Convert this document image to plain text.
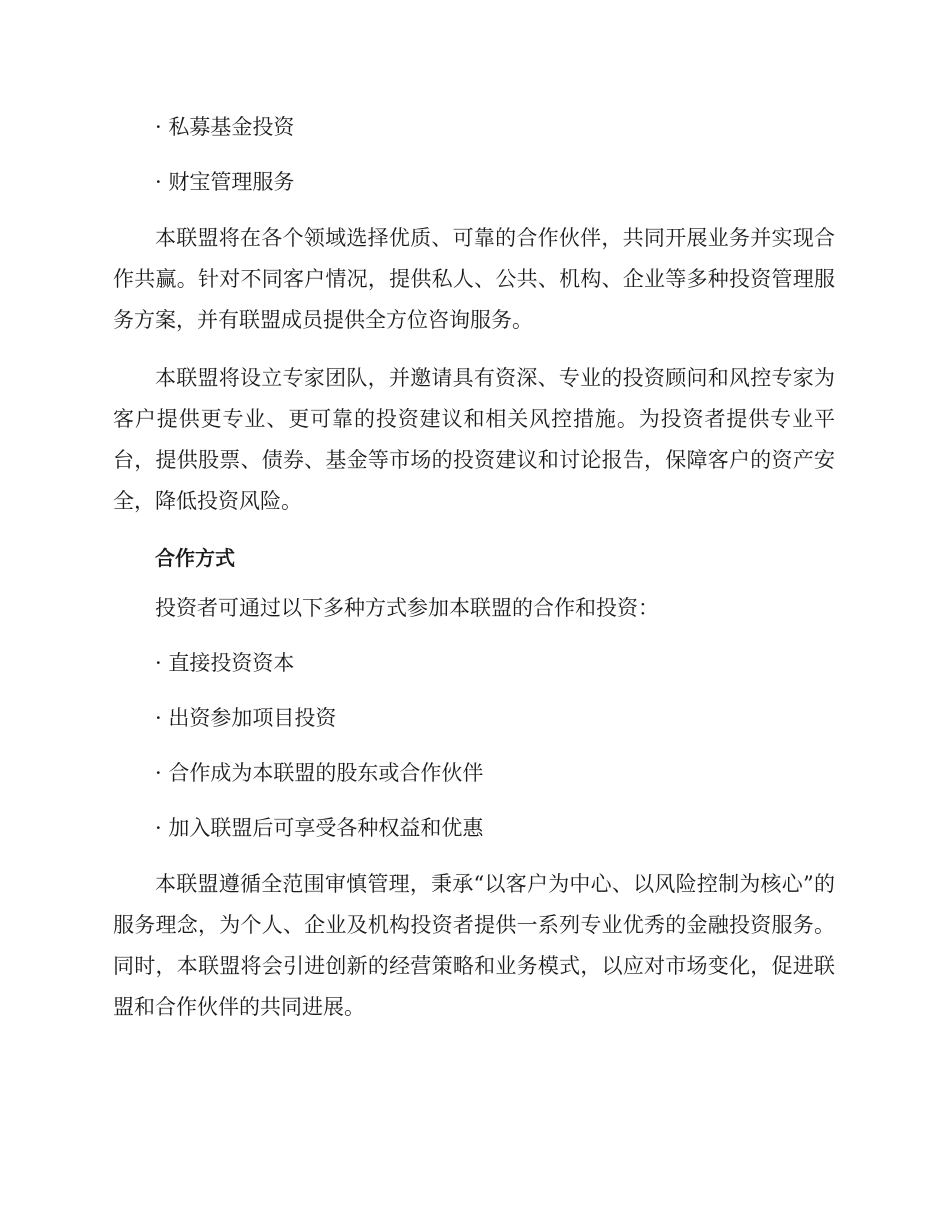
· 私募基金投资
· 财宝管理服务

本联盟将在各个领域选择优质、可靠的合作伙伴，共同开展业务并实现合作共赢。针对不同客户情况，提供私人、公共、机构、企业等多种投资管理服务方案，并有联盟成员提供全方位咨询服务。

本联盟将设立专家团队，并邀请具有资深、专业的投资顾问和风控专家为客户提供更专业、更可靠的投资建议和相关风控措施。为投资者提供专业平台，提供股票、债券、基金等市场的投资建议和讨论报告，保障客户的资产安全，降低投资风险。

合作方式
投资者可通过以下多种方式参加本联盟的合作和投资：
· 直接投资资本
· 出资参加项目投资
· 合作成为本联盟的股东或合作伙伴
· 加入联盟后可享受各种权益和优惠

本联盟遵循全范围审慎管理，秉承“以客户为中心、以风险控制为核心”的服务理念，为个人、企业及机构投资者提供一系列专业优秀的金融投资服务。同时，本联盟将会引进创新的经营策略和业务模式，以应对市场变化，促进联盟和合作伙伴的共同进展。
